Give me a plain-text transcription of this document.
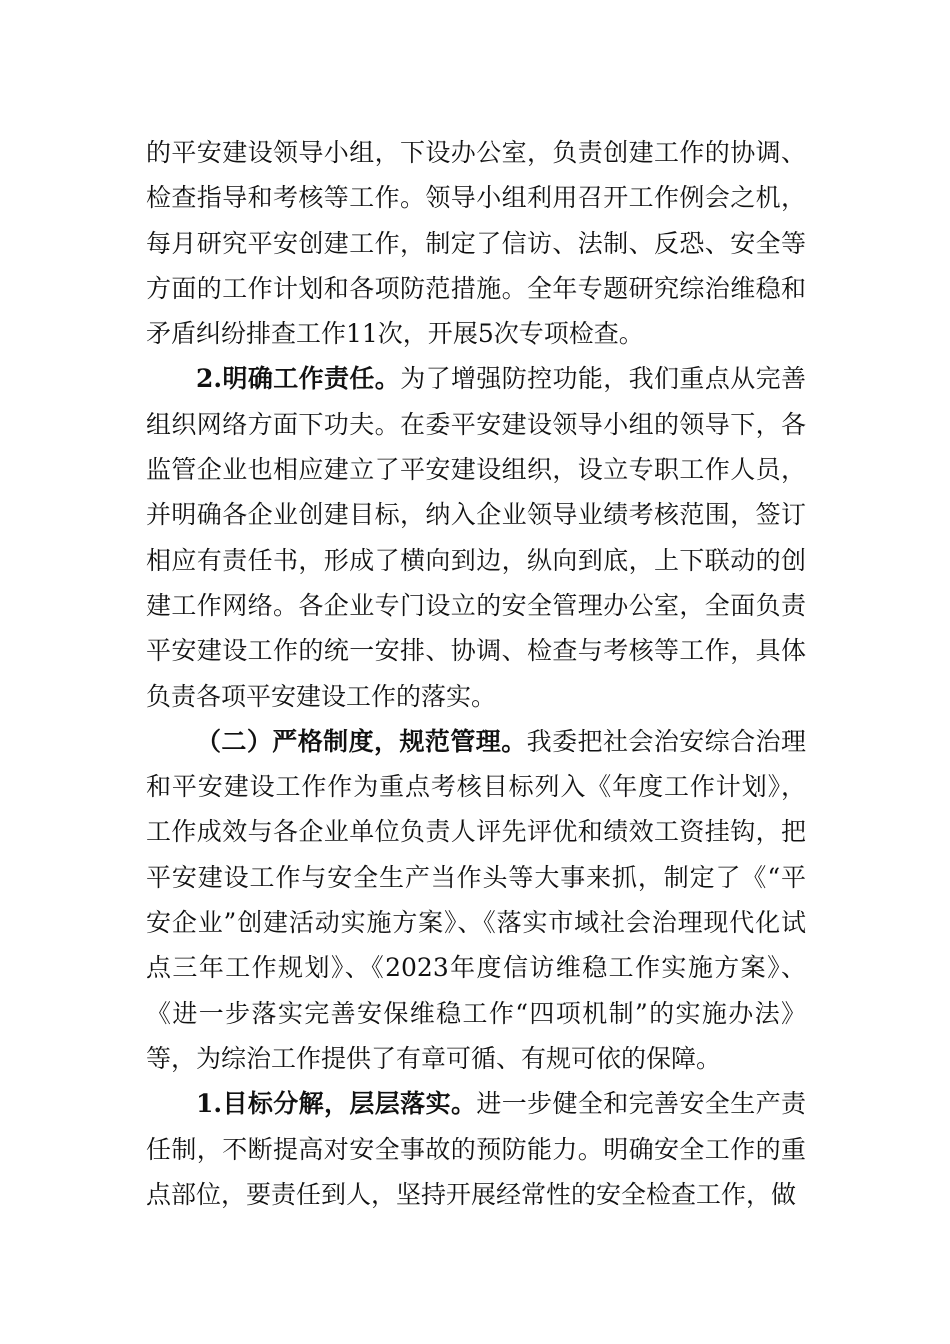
的平安建设领导小组，下设办公室，负责创建工作的协调、检查指导和考核等工作。领导小组利用召开工作例会之机，每月研究平安创建工作，制定了信访、法制、反恐、安全等方面的工作计划和各项防范措施。全年专题研究综治维稳和矛盾纠纷排查工作11次，开展5次专项检查。

2.明确工作责任。为了增强防控功能，我们重点从完善组织网络方面下功夫。在委平安建设领导小组的领导下，各监管企业也相应建立了平安建设组织，设立专职工作人员，并明确各企业创建目标，纳入企业领导业绩考核范围，签订相应有责任书，形成了横向到边，纵向到底，上下联动的创建工作网络。各企业专门设立的安全管理办公室，全面负责平安建设工作的统一安排、协调、检查与考核等工作，具体负责各项平安建设工作的落实。

（二）严格制度，规范管理。我委把社会治安综合治理和平安建设工作作为重点考核目标列入《年度工作计划》，工作成效与各企业单位负责人评先评优和绩效工资挂钩，把平安建设工作与安全生产当作头等大事来抓，制定了《“平安企业”创建活动实施方案》、《落实市域社会治理现代化试点三年工作规划》、《2023年度信访维稳工作实施方案》、《进一步落实完善安保维稳工作“四项机制”的实施办法》等，为综治工作提供了有章可循、有规可依的保障。

1.目标分解，层层落实。进一步健全和完善安全生产责任制，不断提高对安全事故的预防能力。明确安全工作的重点部位，要责任到人，坚持开展经常性的安全检查工作，做
